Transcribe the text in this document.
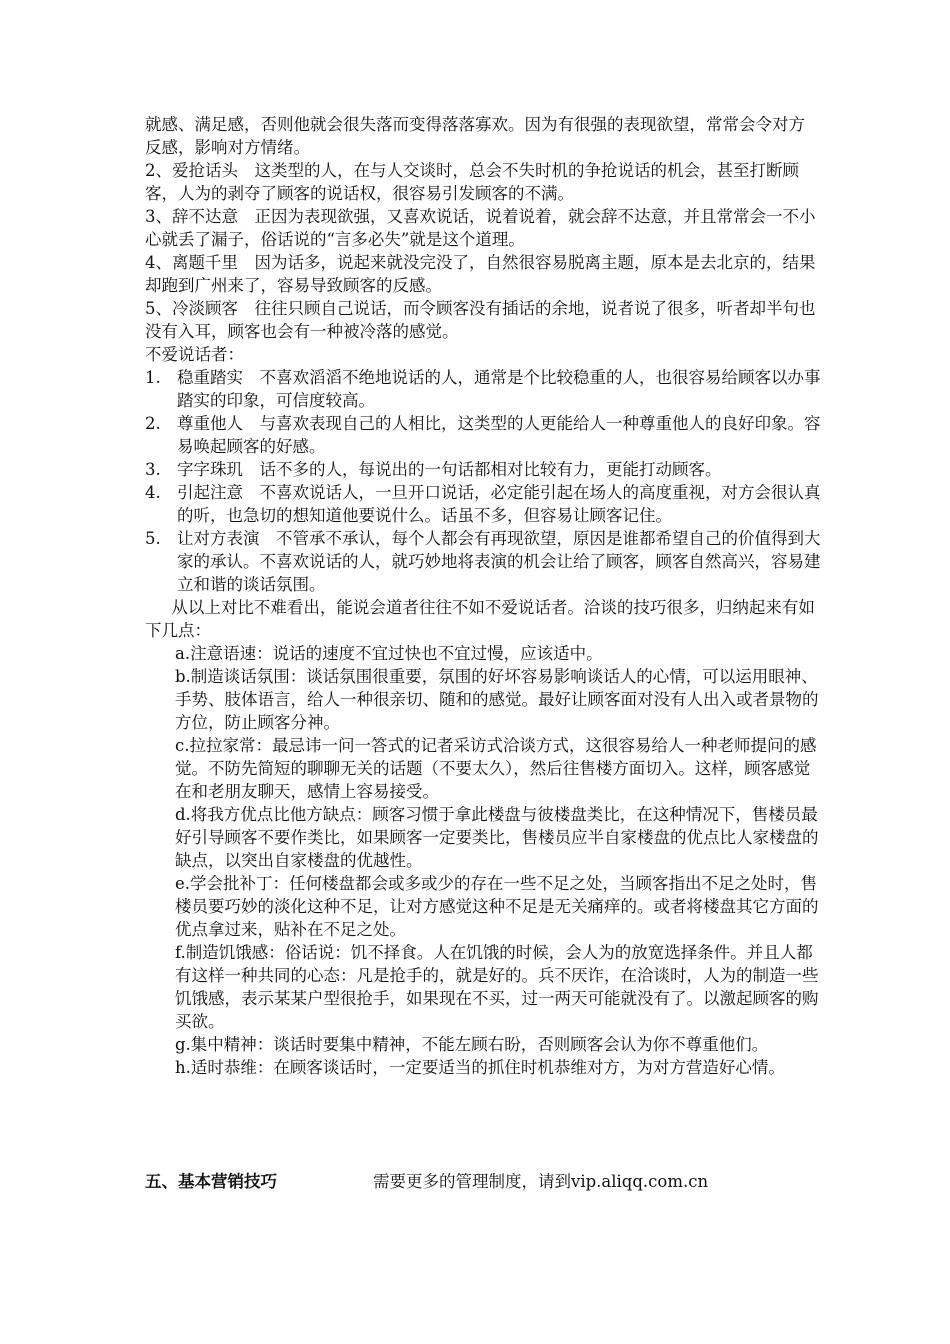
就感、满足感，否则他就会很失落而变得落落寡欢。因为有很强的表现欲望，常常会令对方反感，影响对方情绪。

2、爱抢话头　这类型的人，在与人交谈时，总会不失时机的争抢说话的机会，甚至打断顾客，人为的剥夺了顾客的说话权，很容易引发顾客的不满。

3、辞不达意　正因为表现欲强，又喜欢说话，说着说着，就会辞不达意，并且常常会一不小心就丢了漏子，俗话说的“言多必失”就是这个道理。

4、离题千里　因为话多，说起来就没完没了，自然很容易脱离主题，原本是去北京的，结果却跑到广州来了，容易导致顾客的反感。

5、冷淡顾客　往往只顾自己说话，而令顾客没有插话的余地，说者说了很多，听者却半句也没有入耳，顾客也会有一种被冷落的感觉。

不爱说话者：

1. 稳重踏实　不喜欢滔滔不绝地说话的人，通常是个比较稳重的人，也很容易给顾客以办事踏实的印象，可信度较高。
2. 尊重他人　与喜欢表现自己的人相比，这类型的人更能给人一种尊重他人的良好印象。容易唤起顾客的好感。
3. 字字珠玑　话不多的人，每说出的一句话都相对比较有力，更能打动顾客。
4. 引起注意　不喜欢说话人，一旦开口说话，必定能引起在场人的高度重视，对方会很认真的听，也急切的想知道他要说什么。话虽不多，但容易让顾客记住。
5. 让对方表演　不管承不承认，每个人都会有再现欲望，原因是谁都希望自己的价值得到大家的承认。不喜欢说话的人，就巧妙地将表演的机会让给了顾客，顾客自然高兴，容易建立和谐的谈话氛围。

从以上对比不难看出，能说会道者往往不如不爱说话者。洽谈的技巧很多，归纳起来有如下几点：

a.注意语速：说话的速度不宜过快也不宜过慢，应该适中。

b.制造谈话氛围：谈话氛围很重要，氛围的好坏容易影响谈话人的心情，可以运用眼神、手势、肢体语言，给人一种很亲切、随和的感觉。最好让顾客面对没有人出入或者景物的方位，防止顾客分神。

c.拉拉家常：最忌讳一问一答式的记者采访式洽谈方式，这很容易给人一种老师提问的感觉。不防先简短的聊聊无关的话题（不要太久），然后往售楼方面切入。这样，顾客感觉在和老朋友聊天，感情上容易接受。

d.将我方优点比他方缺点：顾客习惯于拿此楼盘与彼楼盘类比，在这种情况下，售楼员最好引导顾客不要作类比，如果顾客一定要类比，售楼员应半自家楼盘的优点比人家楼盘的缺点，以突出自家楼盘的优越性。

e.学会批补丁：任何楼盘都会或多或少的存在一些不足之处，当顾客指出不足之处时，售楼员要巧妙的淡化这种不足，让对方感觉这种不足是无关痛痒的。或者将楼盘其它方面的优点拿过来，贴补在不足之处。

f.制造饥饿感：俗话说：饥不择食。人在饥饿的时候，会人为的放宽选择条件。并且人都有这样一种共同的心态：凡是抢手的，就是好的。兵不厌诈，在洽谈时，人为的制造一些饥饿感，表示某某户型很抢手，如果现在不买，过一两天可能就没有了。以激起顾客的购买欲。

g.集中精神：谈话时要集中精神，不能左顾右盼，否则顾客会认为你不尊重他们。

h.适时恭维：在顾客谈话时，一定要适当的抓住时机恭维对方，为对方营造好心情。

五、基本营销技巧	需要更多的管理制度，请到vip.aliqq.com.cn
